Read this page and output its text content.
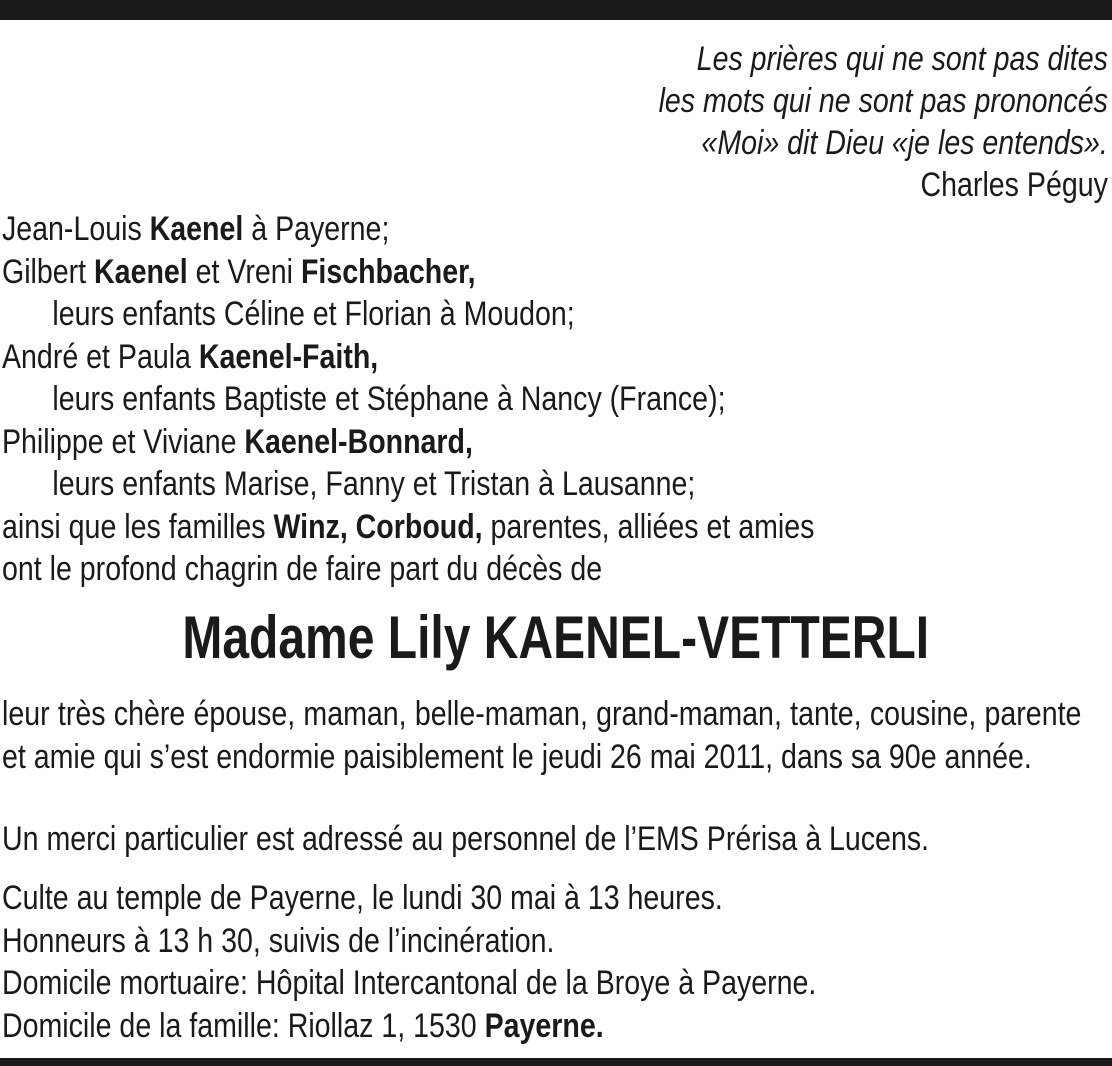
Les prières qui ne sont pas dites
les mots qui ne sont pas prononcés
«Moi» dit Dieu «je les entends».
Charles Péguy
Jean-Louis Kaenel à Payerne;
Gilbert Kaenel et Vreni Fischbacher,
leurs enfants Céline et Florian à Moudon;
André et Paula Kaenel-Faith,
leurs enfants Baptiste et Stéphane à Nancy (France);
Philippe et Viviane Kaenel-Bonnard,
leurs enfants Marise, Fanny et Tristan à Lausanne;
ainsi que les familles Winz, Corboud, parentes, alliées et amies
ont le profond chagrin de faire part du décès de
Madame Lily KAENEL-VETTERLI
leur très chère épouse, maman, belle-maman, grand-maman, tante, cousine, parente et amie qui s’est endormie paisiblement le jeudi 26 mai 2011, dans sa 90e année.
Un merci particulier est adressé au personnel de l’EMS Prérisa à Lucens.
Culte au temple de Payerne, le lundi 30 mai à 13 heures.
Honneurs à 13 h 30, suivis de l’incinération.
Domicile mortuaire: Hôpital Intercantonal de la Broye à Payerne.
Domicile de la famille: Riollaz 1, 1530 Payerne.
